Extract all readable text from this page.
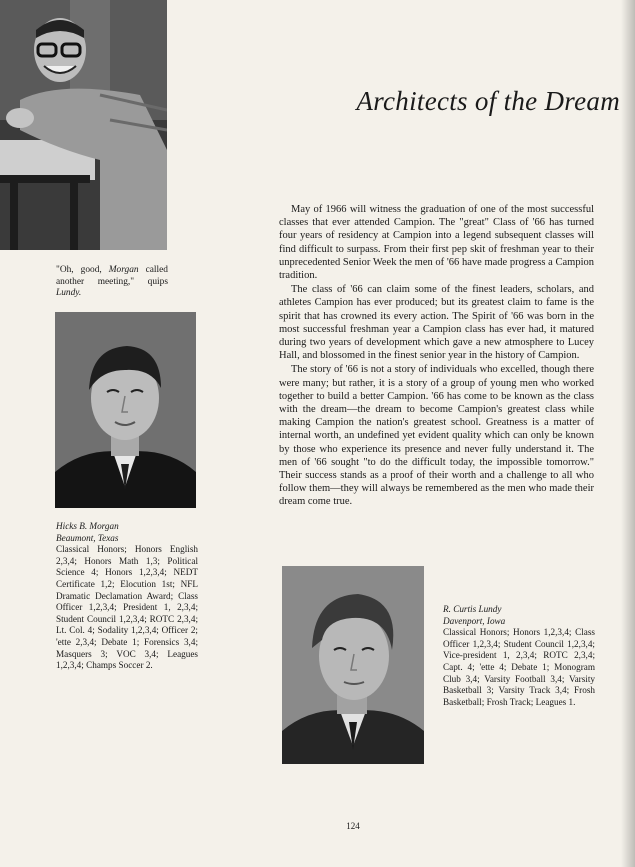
"Oh, good, Morgan called another meeting," quips Lundy.
Architects of the Dream

May of 1966 will witness the graduation of one of the most successful classes that ever attended Campion. The "great" Class of '66 has turned four years of residency at Campion into a legend subsequent classes will find difficult to surpass. From their first pep skit of freshman year to their unprecedented Senior Week the men of '66 have made progress a Campion tradition.

The class of '66 can claim some of the finest leaders, scholars, and athletes Campion has ever produced; but its greatest claim to fame is the spirit that has crowned its every action. The Spirit of '66 was born in the most successful freshman year a Campion class has ever had, it matured during two years of development which gave a new atmosphere to Lucey Hall, and blossomed in the finest senior year in the history of Campion.

The story of '66 is not a story of individuals who excelled, though there were many; but rather, it is a story of a group of young men who worked together to build a better Campion. '66 has come to be known as the class with the dream—the dream to become Campion's greatest class while making Campion the nation's greatest school. Greatness is a matter of internal worth, an undefined yet evident quality which can only be known by those who experience its presence and never fully understand it. The men of '66 sought "to do the difficult today, the impossible tomorrow." Their success stands as a proof of their worth and a challenge to all who follow them—they will always be remembered as the men who made their dream come true.

Hicks B. Morgan
Beaumont, Texas
Classical Honors; Honors English 2,3,4; Honors Math 1,3; Political Science 4; Honors 1,2,3,4; NEDT Certificate 1,2; Elocution 1st; NFL Dramatic Declamation Award; Class Officer 1,2,3,4; President 1, 2,3,4; Student Council 1,2,3,4; ROTC 2,3,4; Lt. Col. 4; Sodality 1,2,3,4; Officer 2; 'ette 2,3,4; Debate 1; Forensics 3,4; Masquers 3; VOC 3,4; Leagues 1,2,3,4; Champs Soccer 2.
R. Curtis Lundy
Davenport, Iowa
Classical Honors; Honors 1,2,3,4; Class Officer 1,2,3,4; Student Council 1,2,3,4; Vice-president 1, 2,3,4; ROTC 2,3,4; Capt. 4; 'ette 4; Debate 1; Monogram Club 3,4; Varsity Football 3,4; Varsity Basketball 3; Varsity Track 3,4; Frosh Basketball; Frosh Track; Leagues 1.
124
